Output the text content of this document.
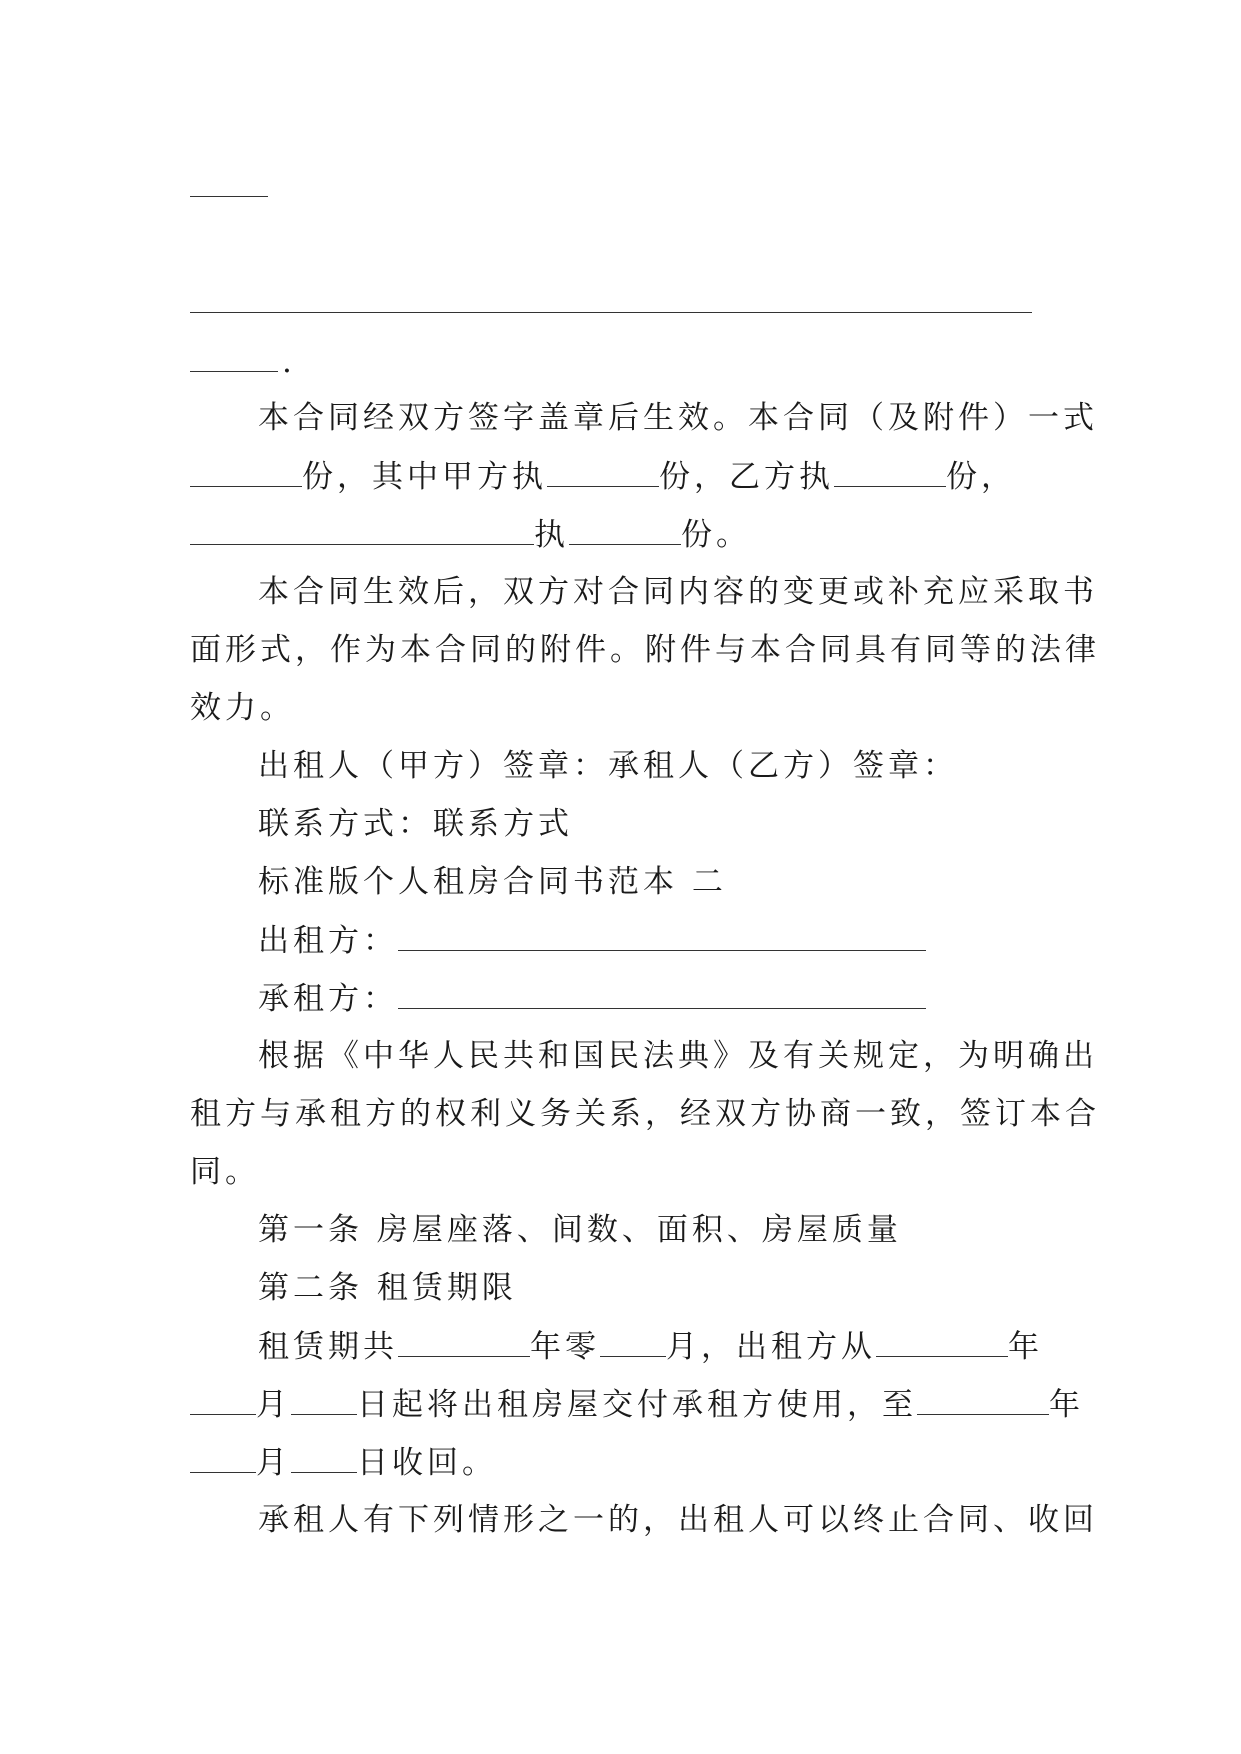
.
本合同经双方签字盖章后生效。本合同（及附件）一式
份，其中甲方执	份，乙方执	份，
执	份。
本合同生效后，双方对合同内容的变更或补充应采取书
面形式，作为本合同的附件。附件与本合同具有同等的法律
效力。
出租人（甲方）签章：承租人（乙方）签章：
联系方式：联系方式
标准版个人租房合同书范本 二
出租方：
承租方：
根据《中华人民共和国民法典》及有关规定，为明确出
租方与承租方的权利义务关系，经双方协商一致，签订本合
同。
第一条 房屋座落、间数、面积、房屋质量
第二条 租赁期限
租赁期共	年零 月，出租方从	年
月 日起将出租房屋交付承租方使用，至	年
月 日收回。
承租人有下列情形之一的，出租人可以终止合同、收回
